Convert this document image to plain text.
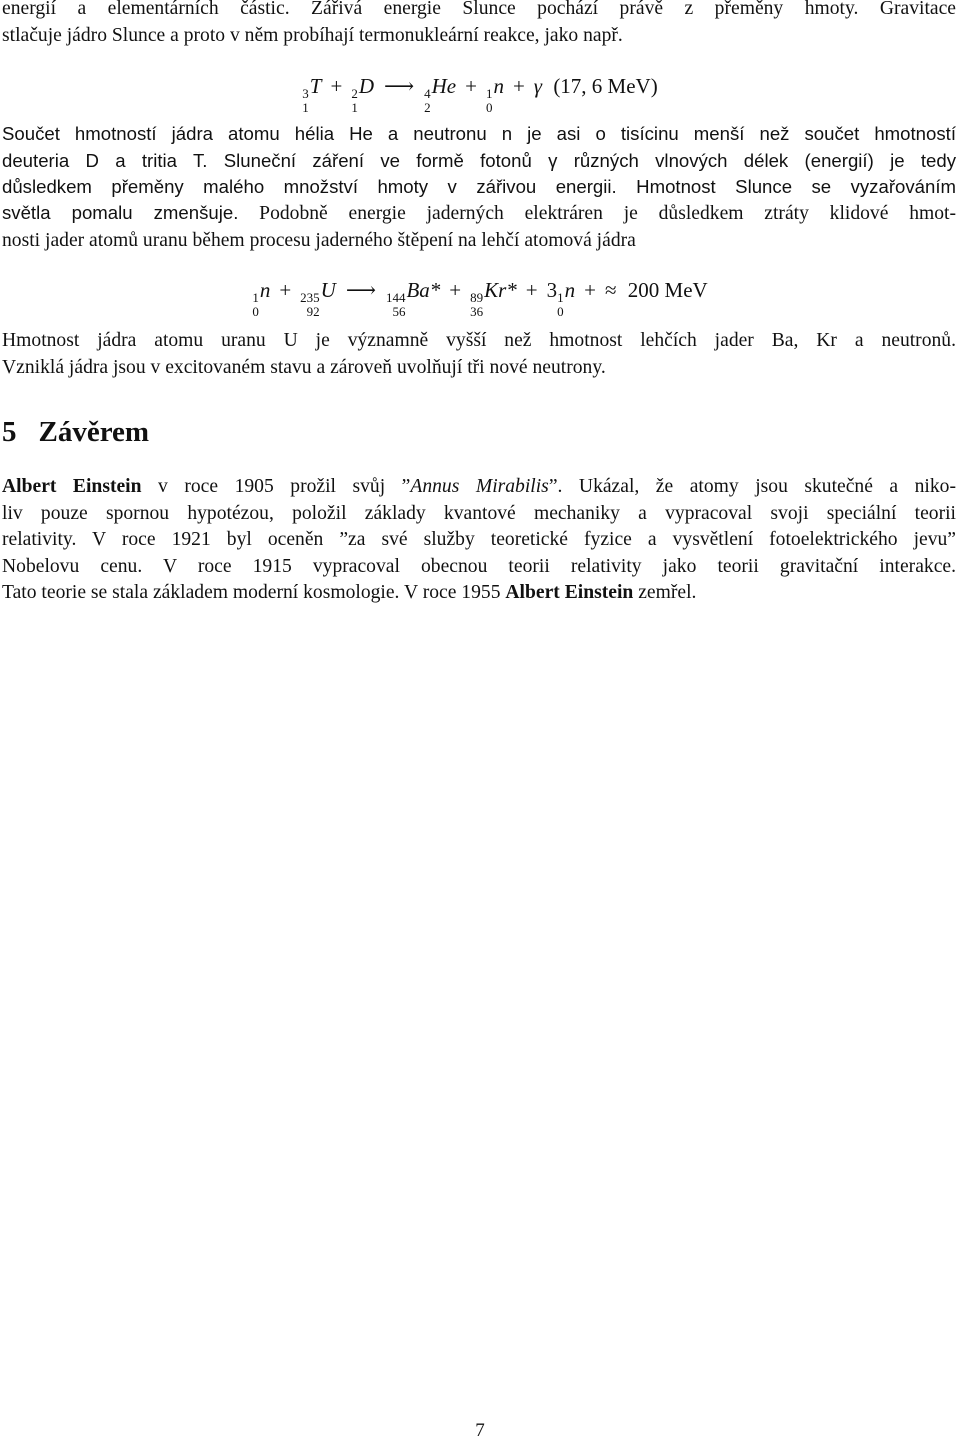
energií a elementárních částic. Zářivá energie Slunce pochází právě z přeměny hmoty. Gravitace
stlačuje jádro Slunce a proto v něm probíhají termonukleární reakce, jako např.
3
1
T + 2
1
D ⟶ 4
2
He + 1
0
n + γ (17, 6 MeV)
Součet hmotností jádra atomu hélia He a neutronu n je asi o tisícinu menší než součet hmotností
deuteria D a tritia T. Sluneční záření ve formě fotonů γ různých vlnových délek (energií) je tedy
důsledkem přeměny malého množství hmoty v zářivou energii. Hmotnost Slunce se vyzařováním
světla pomalu zmenšuje. Podobně energie jaderných elektráren je důsledkem ztráty klidové hmot-
nosti jader atomů uranu během procesu jaderného štěpení na lehčí atomová jádra
1
0
n + 235
92
U ⟶ 144
56
Ba* + 89
36
Kr* + 3 1
0
n + ≈ 200 MeV
Hmotnost jádra atomu uranu U je významně vyšší než hmotnost lehčích jader Ba, Kr a neutronů.
Vzniklá jádra jsou v excitovaném stavu a zároveň uvolňují tři nové neutrony.
5 Závěrem
Albert Einstein v roce 1905 prožil svůj ”Annus Mirabilis”. Ukázal, že atomy jsou skutečné a niko-
liv pouze spornou hypotézou, položil základy kvantové mechaniky a vypracoval svoji speciální teorii
relativity. V roce 1921 byl oceněn ”za své služby teoretické fyzice a vysvětlení fotoelektrického jevu”
Nobelovu cenu. V roce 1915 vypracoval obecnou teorii relativity jako teorii gravitační interakce.
Tato teorie se stala základem moderní kosmologie. V roce 1955 Albert Einstein zemřel.
7
